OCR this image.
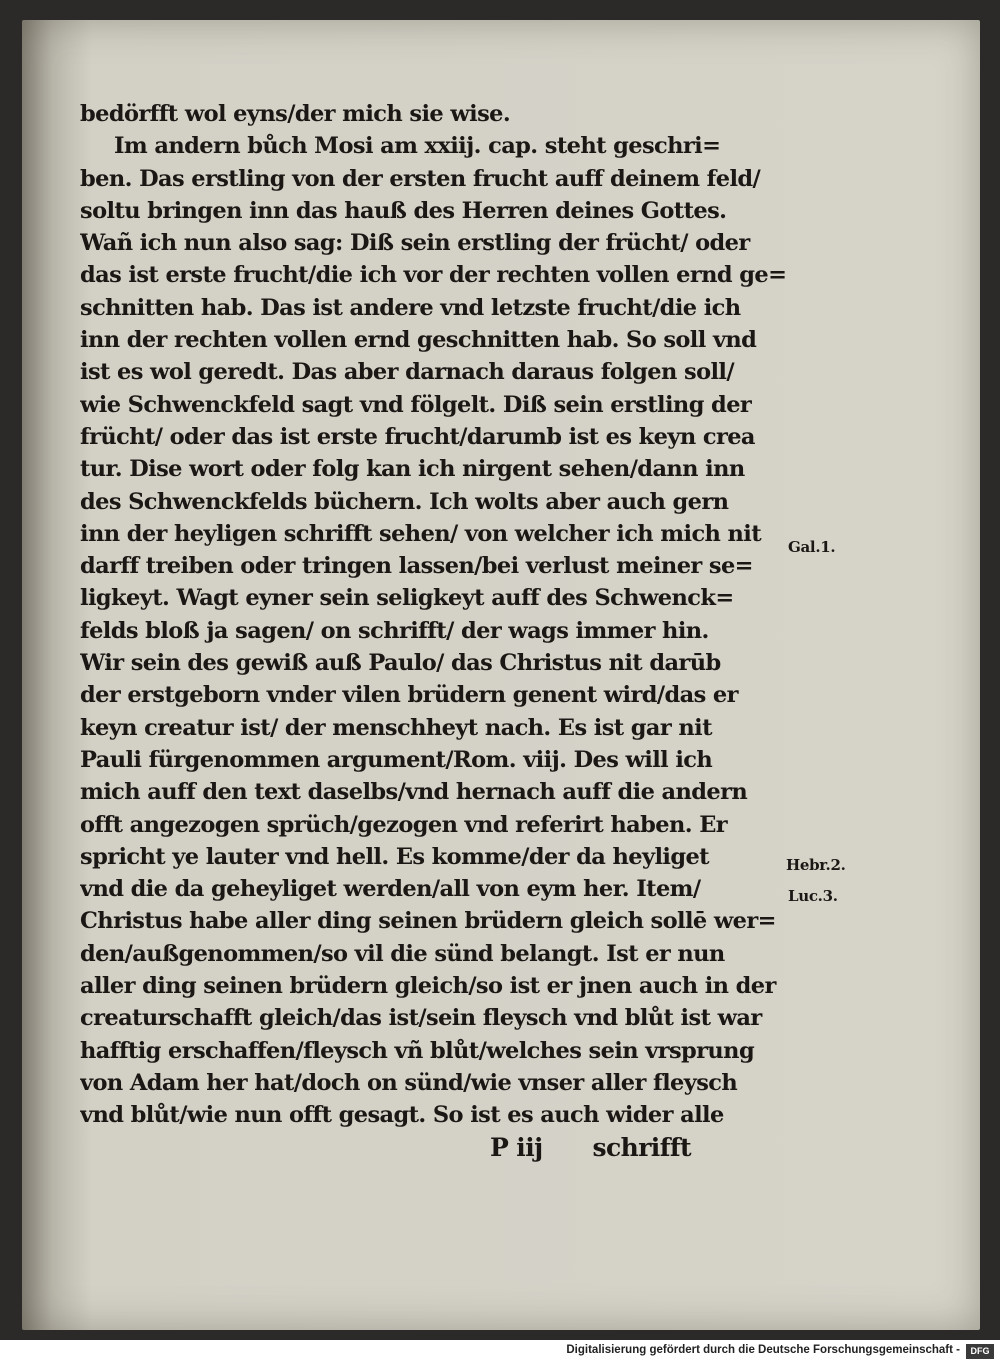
bedörfft wol eyns/der mich sie wise.
Im andern bůch Mosi am xxiij. cap. steht geschri=
ben. Das erstling von der ersten frucht auff deinem feld/
soltu bringen inn das hauß des Herren deines Gottes.
Wañ ich nun also sag: Diß sein erstling der frücht/ oder
das ist erste frucht/die ich vor der rechten vollen ernd ge=
schnitten hab. Das ist andere vnd letzste frucht/die ich
inn der rechten vollen ernd geschnitten hab. So soll vnd
ist es wol geredt. Das aber darnach daraus folgen soll/
wie Schwenckfeld sagt vnd fölgelt. Diß sein erstling der
frücht/ oder das ist erste frucht/darumb ist es keyn crea
tur. Dise wort oder folg kan ich nirgent sehen/dann inn
des Schwenckfelds büchern. Ich wolts aber auch gern
inn der heyligen schrifft sehen/ von welcher ich mich nit
darff treiben oder tringen lassen/bei verlust meiner se=
ligkeyt. Wagt eyner sein seligkeyt auff des Schwenck=
felds bloß ja sagen/ on schrifft/ der wags immer hin.
Wir sein des gewiß auß Paulo/ das Christus nit darūb
der erstgeborn vnder vilen brüdern genent wird/das er
keyn creatur ist/ der menschheyt nach. Es ist gar nit
Pauli fürgenommen argument/Rom. viij. Des will ich
mich auff den text daselbs/vnd hernach auff die andern
offt angezogen sprüch/gezogen vnd referirt haben. Er
spricht ye lauter vnd hell. Es komme/der da heyliget
vnd die da geheyliget werden/all von eym her. Item/
Christus habe aller ding seinen brüdern gleich sollē wer=
den/außgenommen/so vil die sünd belangt. Ist er nun
aller ding seinen brüdern gleich/so ist er jnen auch in der
creaturschafft gleich/das ist/sein fleysch vnd blůt ist war
hafftig erschaffen/fleysch vñ blůt/welches sein vrsprung
von Adam her hat/doch on sünd/wie vnser aller fleysch
vnd blůt/wie nun offt gesagt. So ist es auch wider alle
P iij schrifft
Gal.1.
Hebr.2.
Luc.3.
Digitalisierung gefördert durch die Deutsche Forschungsgemeinschaft -	DFG
